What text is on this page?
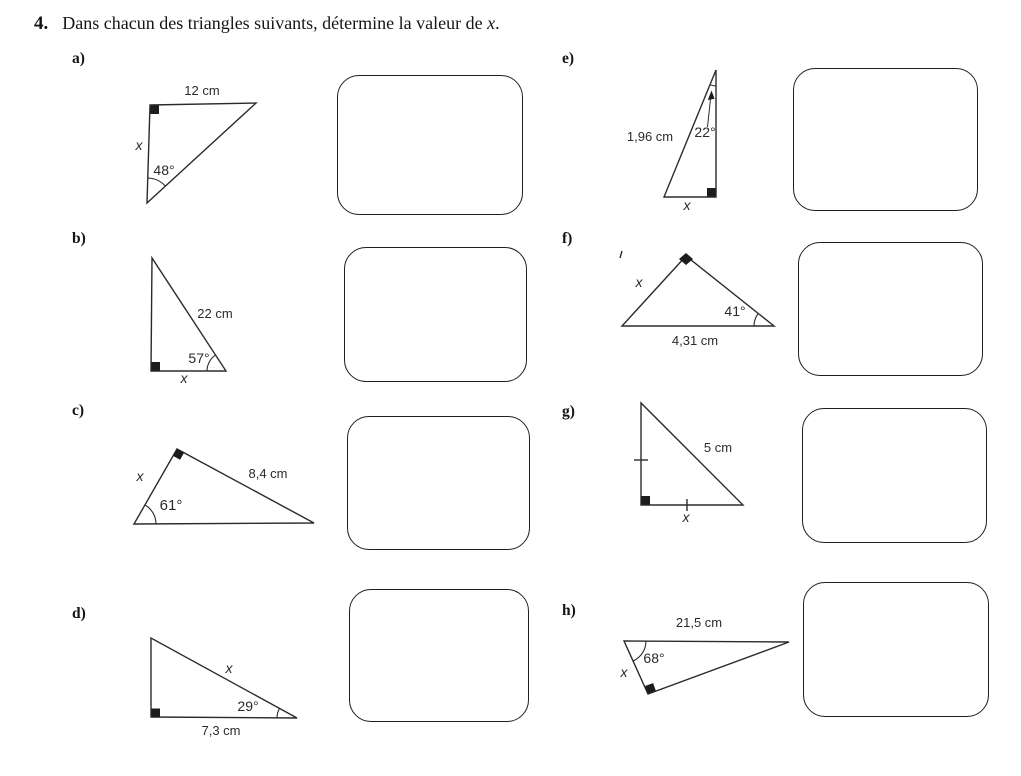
4. Dans chacun des triangles suivants, détermine la valeur de x.
a)
12 cm
x
48°
b)
22 cm
57°
x
c)
x
61°
8,4 cm
d)
x
29°
7,3 cm
e)
1,96 cm 22°
x
f)
x
41°
4,31 cm
g)
5 cm
x
h)
21,5 cm
68°
x
